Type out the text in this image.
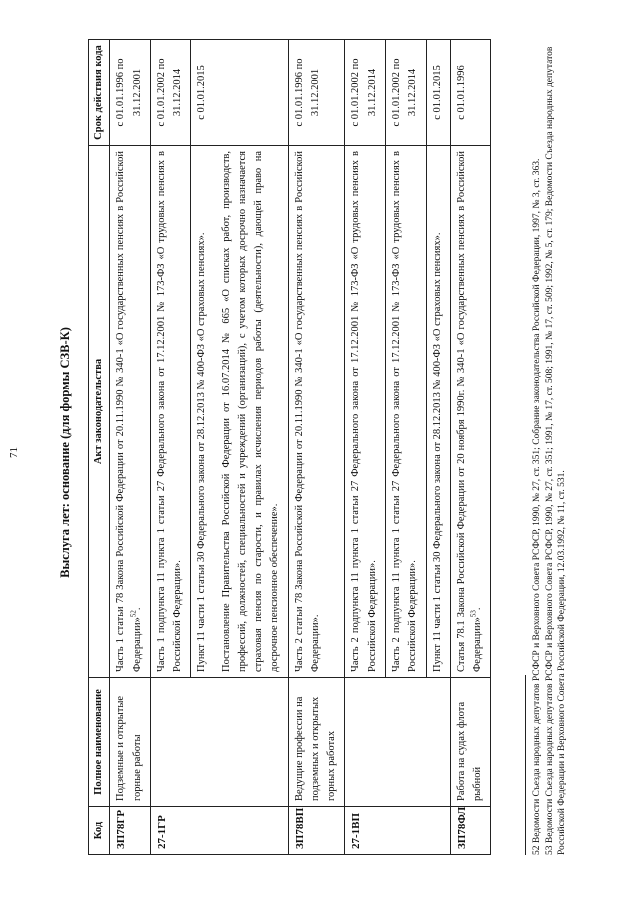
71	Выслуга лет: основание (для формы СЗВ-К)
Код	Полное наименование	Акт законодательства	Срок действия кода
ЗП78ГР	Подземные и открытые горные работы	Часть 1 статьи 78 Закона Российской Федерации от 20.11.1990 № 340-1 «О государственных пенсиях в Российской Федерации»$^{52}$.	с 01.01.1996 по 31.12.2001
27-1ГР		Часть 1 подпункта 11 пункта 1 статьи 27 Федерального закона от 17.12.2001 № 173-ФЗ «О трудовых пенсиях в Российской Федерации».	с 01.01.2002 по 31.12.2014
		Пункт 11 части 1 статьи 30 Федерального закона от 28.12.2013 № 400-ФЗ «О страховых пенсиях». Постановление Правительства Российской Федерации от 16.07.2014 № 665 «О списках работ, производств, профессий, должностей, специальностей и учреждений (организаций), с учетом которых досрочно назначается страховая пенсия по старости, и правилах исчисления периодов работы (деятельности), дающей право на досрочное пенсионное обеспечение».	с 01.01.2015
ЗП78ВП	Ведущие профессии на подземных и открытых горных работах	Часть 2 статьи 78 Закона Российской Федерации от 20.11.1990 № 340-1 «О государственных пенсиях в Российской Федерации».	с 01.01.1996 по 31.12.2001
27-1ВП		Часть 2 подпункта 11 пункта 1 статьи 27 Федерального закона от 17.12.2001 № 173-ФЗ «О трудовых пенсиях в Российской Федерации».	с 01.01.2002 по 31.12.2014
		Часть 2 подпункта 11 пункта 1 статьи 27 Федерального закона от 17.12.2001 № 173-ФЗ «О трудовых пенсиях в Российской Федерации».	с 01.01.2002 по 31.12.2014
		Пункт 11 части 1 статьи 30 Федерального закона от 28.12.2013 № 400-ФЗ «О страховых пенсиях».	с 01.01.2015
ЗП78ФЛ	Работа на судах флота рыбной	Статья 78.1 Закона Российской Федерации от 20 ноября 1990г. № 340-1 «О государственных пенсиях в Российской Федерации»$^{53}$.	с 01.01.1996

52 Ведомости Съезда народных депутатов РСФСР и Верховного Совета РСФСР, 1990, № 27, ст. 351; Собрание законодательства Российской Федерации, 1997, № 3, ст. 363. 53 Ведомости Съезда народных депутатов РСФСР и Верховного Совета РСФСР, 1990, № 27, ст. 351; 1991, № 17, ст. 508; 1991, № 17, ст. 509; 1992, № 5, ст. 179; Ведомости Съезда народных депутатов Российской Федерации и Верховного Совета Российской Федерации, 12.03.1992, № 11, ст. 531.
